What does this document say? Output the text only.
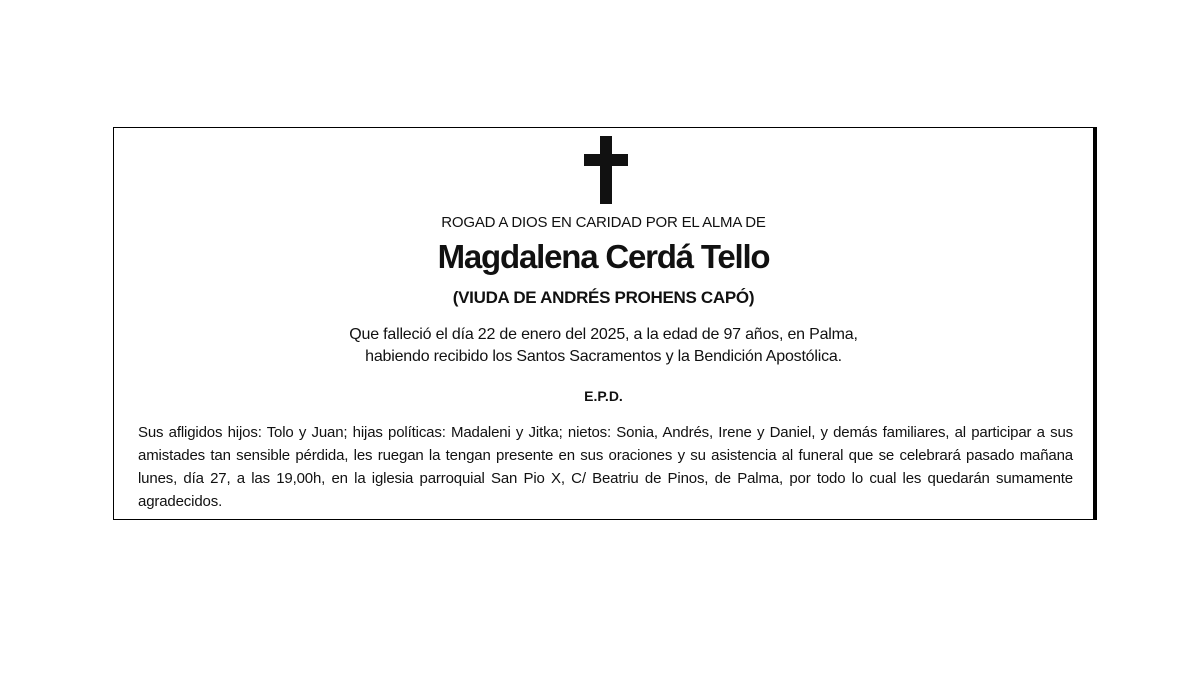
ROGAD A DIOS EN CARIDAD POR EL ALMA DE
Magdalena Cerdá Tello
(VIUDA DE ANDRÉS PROHENS CAPÓ)
Que falleció el día 22 de enero del 2025, a la edad de 97 años, en Palma,
habiendo recibido los Santos Sacramentos y la Bendición Apostólica.
E.P.D.
Sus afligidos hijos: Tolo y Juan; hijas políticas: Madaleni y Jitka; nietos: Sonia, Andrés, Irene y Daniel, y demás familiares, al participar a sus amistades tan sensible pérdida, les ruegan la tengan presente en sus oraciones y su asistencia al funeral que se celebrará pasado mañana lunes, día 27, a las 19,00h, en la iglesia parroquial San Pio X, C/ Beatriu de Pinos, de Palma, por todo lo cual les quedarán sumamente agradecidos.
